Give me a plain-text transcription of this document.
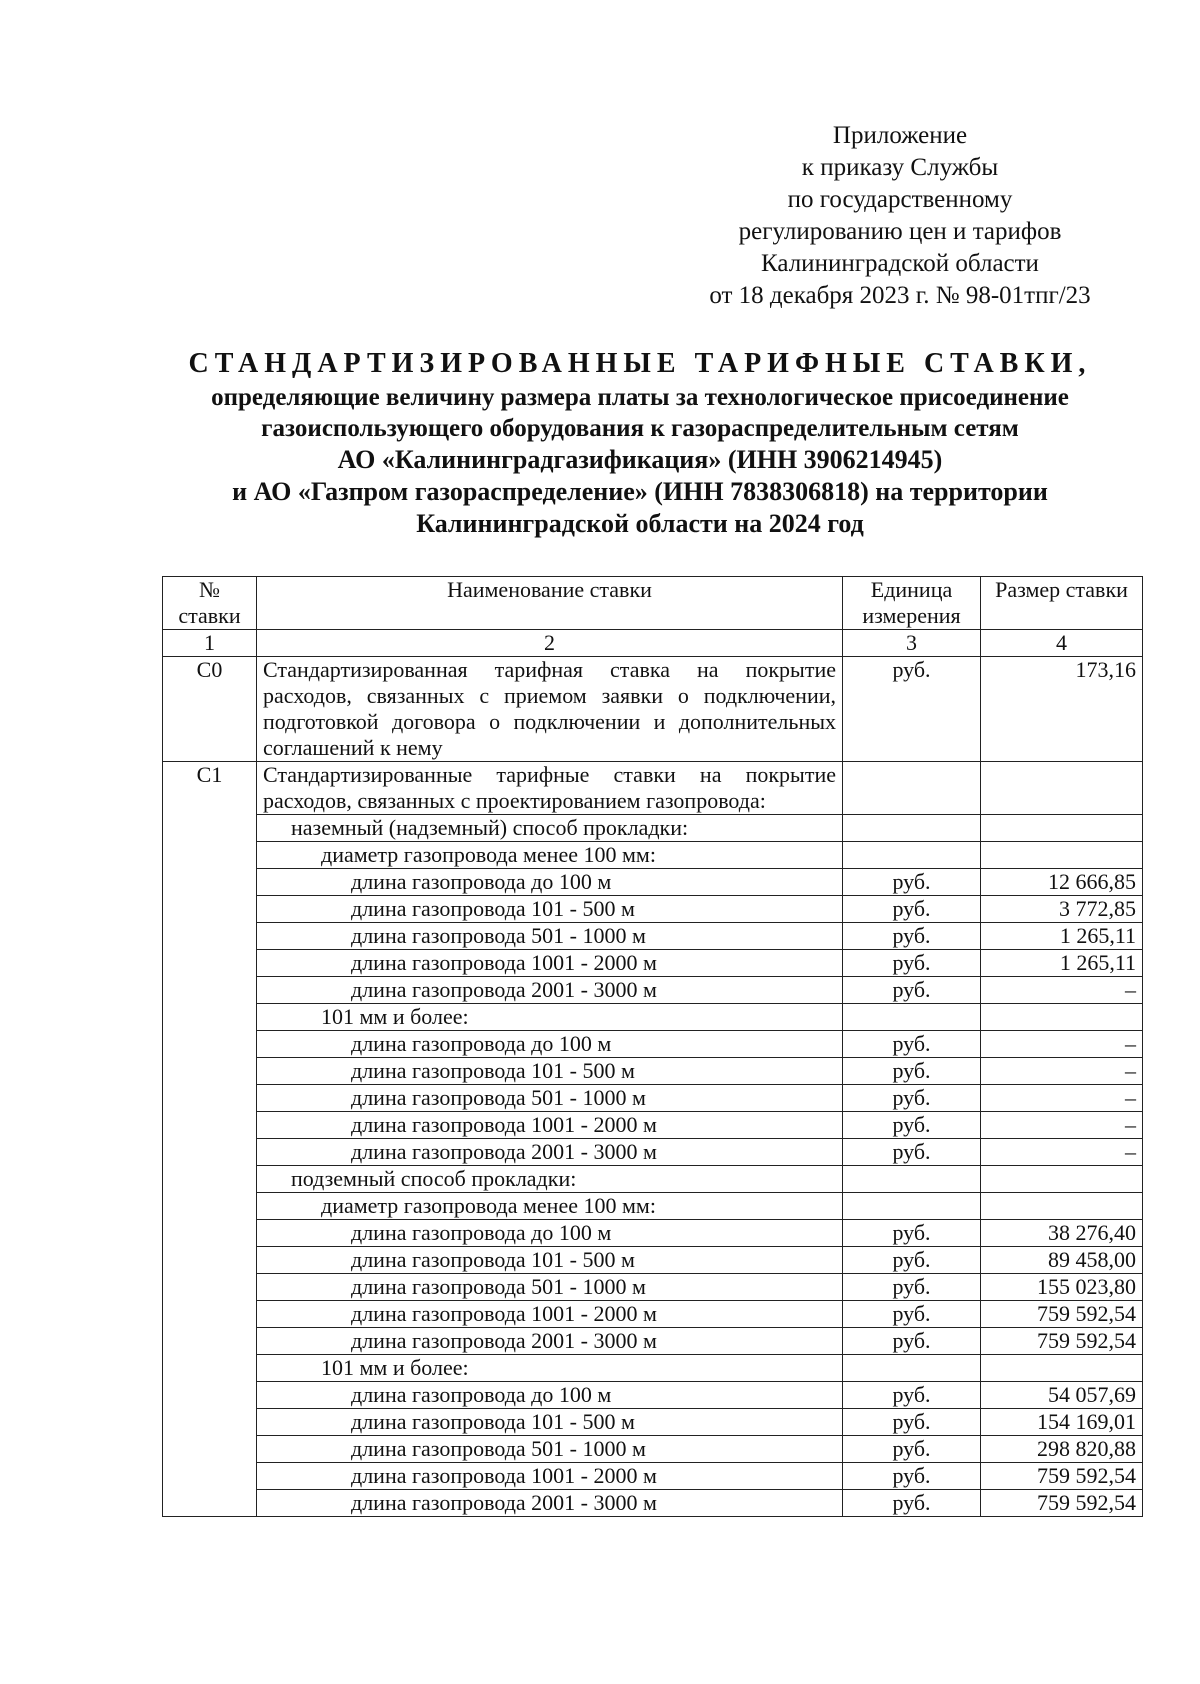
Приложение
к приказу Службы
по государственному
регулированию цен и тарифов
Калининградской области
от 18 декабря 2023 г. № 98-01тпг/23
СТАНДАРТИЗИРОВАННЫЕ ТАРИФНЫЕ СТАВКИ,
определяющие величину размера платы за технологическое присоединение
газоиспользующего оборудования к газораспределительным сетям
АО «Калининградгазификация» (ИНН 3906214945)
и АО «Газпром газораспределение» (ИНН 7838306818) на территории
Калининградской области на 2024 год
№ ставки	Наименование ставки	Единица измерения	Размер ставки
1	2	3	4
С0	Стандартизированная тарифная ставка на покрытие расходов, связанных с приемом заявки о подключении, подготовкой договора о подключении и дополнительных соглашений к нему	руб.	173,16
С1	Стандартизированные тарифные ставки на покрытие расходов, связанных с проектированием газопровода:		
	наземный (надземный) способ прокладки:		
	диаметр газопровода менее 100 мм:		
	длина газопровода до 100 м	руб.	12 666,85
	длина газопровода 101 - 500 м	руб.	3 772,85
	длина газопровода 501 - 1000 м	руб.	1 265,11
	длина газопровода 1001 - 2000 м	руб.	1 265,11
	длина газопровода 2001 - 3000 м	руб.	–
	101 мм и более:		
	длина газопровода до 100 м	руб.	–
	длина газопровода 101 - 500 м	руб.	–
	длина газопровода 501 - 1000 м	руб.	–
	длина газопровода 1001 - 2000 м	руб.	–
	длина газопровода 2001 - 3000 м	руб.	–
	подземный способ прокладки:		
	диаметр газопровода менее 100 мм:		
	длина газопровода до 100 м	руб.	38 276,40
	длина газопровода 101 - 500 м	руб.	89 458,00
	длина газопровода 501 - 1000 м	руб.	155 023,80
	длина газопровода 1001 - 2000 м	руб.	759 592,54
	длина газопровода 2001 - 3000 м	руб.	759 592,54
	101 мм и более:		
	длина газопровода до 100 м	руб.	54 057,69
	длина газопровода 101 - 500 м	руб.	154 169,01
	длина газопровода 501 - 1000 м	руб.	298 820,88
	длина газопровода 1001 - 2000 м	руб.	759 592,54
	длина газопровода 2001 - 3000 м	руб.	759 592,54
